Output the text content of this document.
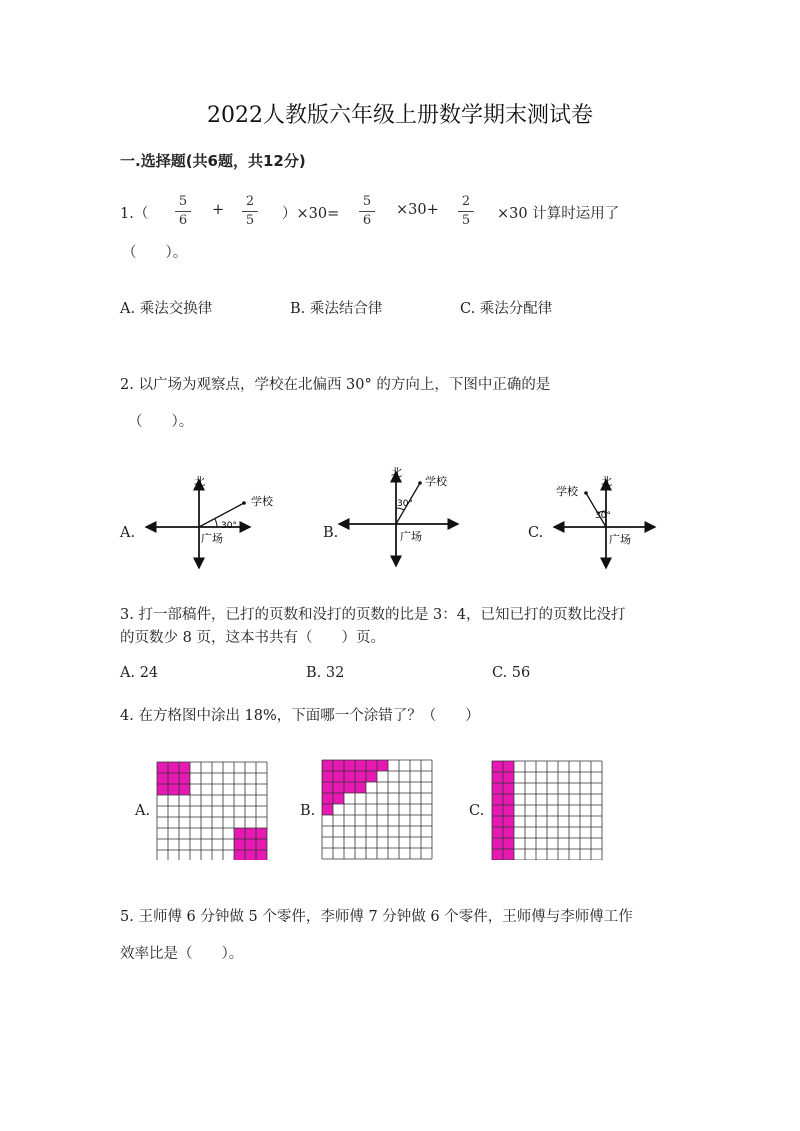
2022人教版六年级上册数学期末测试卷
一.选择题(共6题，共12分)
1.（
5
6
+
2
5	）×30=
5
6
×30+
2
5	×30 计算时运用了
（　　）。
A. 乘法交换律	B. 乘法结合律	C. 乘法分配律
2. 以广场为观察点，学校在北偏西 30° 的方向上，下图中正确的是
（　　）。
A.	B.	C.
北
学校
30°
广场
北
学校
30°
广场
北
学校
30°
广场
3. 打一部稿件，已打的页数和没打的页数的比是 3：4，已知已打的页数比没打
的页数少 8 页，这本书共有（　　）页。
A. 24	B. 32	C. 56
4. 在方格图中涂出 18%，下面哪一个涂错了？（　　）
A.	B.	C.
5. 王师傅 6 分钟做 5 个零件，李师傅 7 分钟做 6 个零件，王师傅与李师傅工作
效率比是（　　）。
